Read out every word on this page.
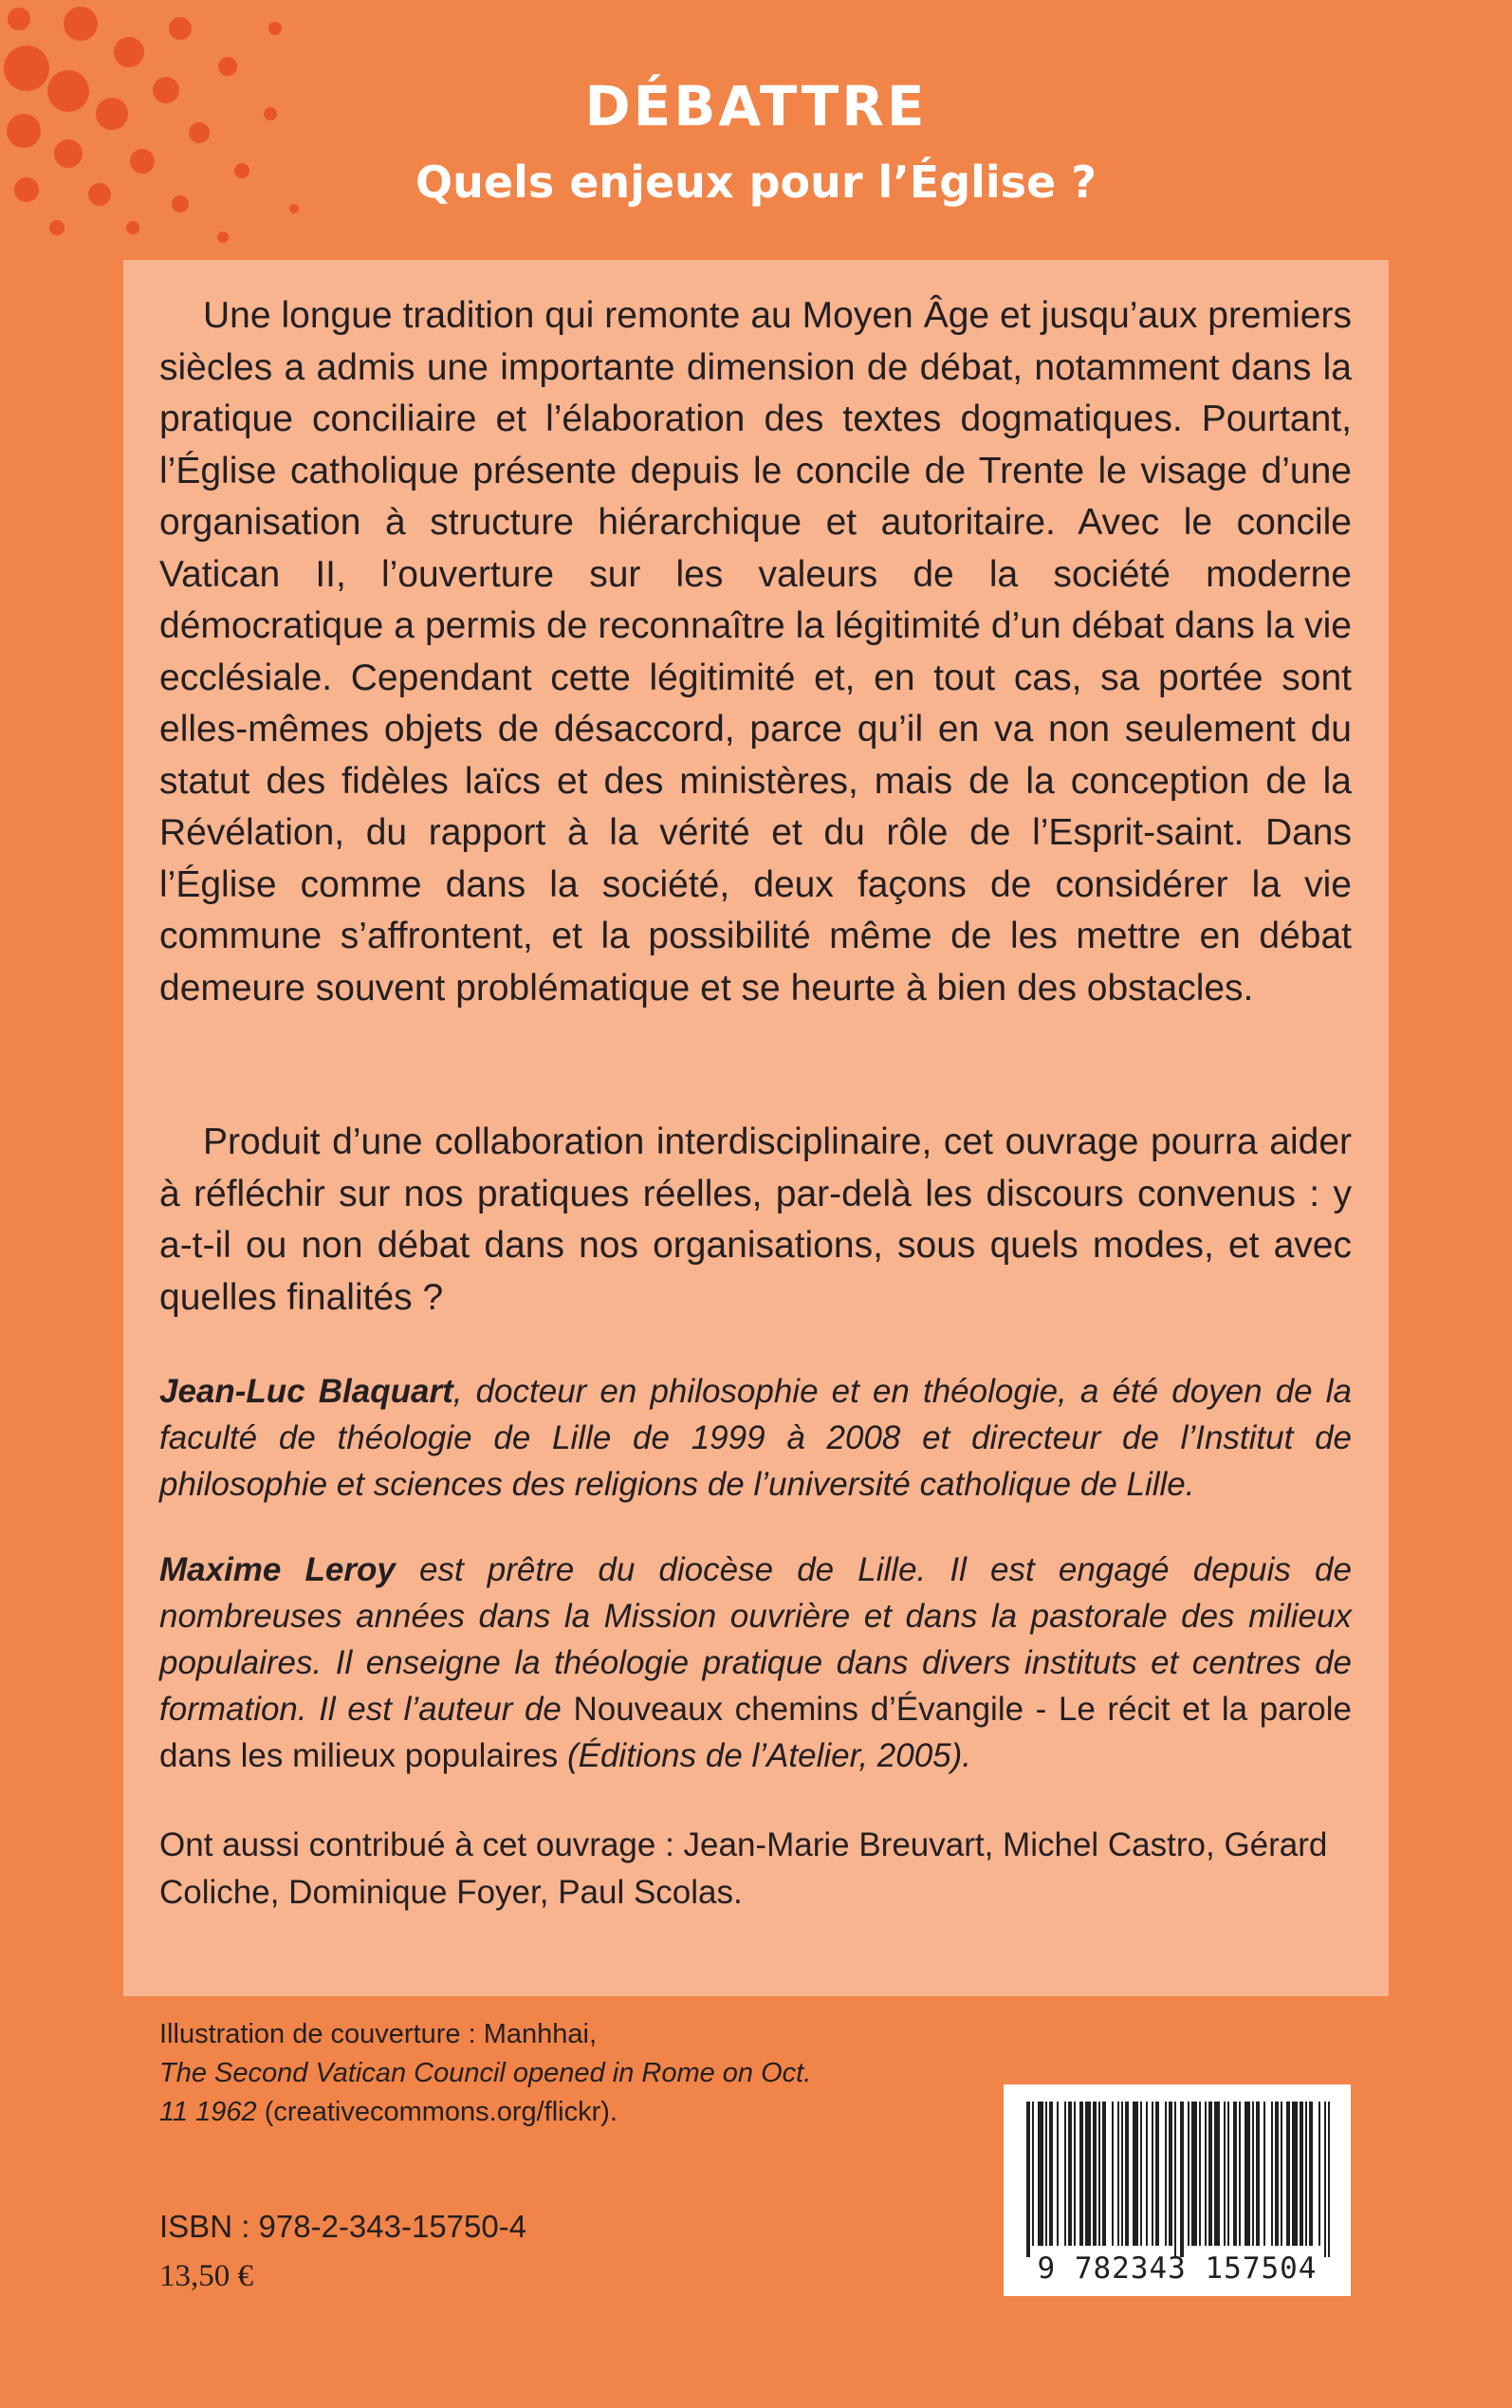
DÉBATTRE
Quels enjeux pour l’Église ?

Une longue tradition qui remonte au Moyen Âge et jusqu’aux premiers siècles a admis une importante dimension de débat, notamment dans la pratique conciliaire et l’élaboration des textes dogmatiques. Pourtant, l’Église catholique présente depuis le concile de Trente le visage d’une organisation à structure hiérarchique et autoritaire. Avec le concile Vatican II, l’ouverture sur les valeurs de la société moderne démocratique a permis de reconnaître la légitimité d’un débat dans la vie ecclésiale. Cependant cette légitimité et, en tout cas, sa portée sont elles-mêmes objets de désaccord, parce qu’il en va non seulement du statut des fidèles laïcs et des ministères, mais de la conception de la Révélation, du rapport à la vérité et du rôle de l’Esprit-saint. Dans l’Église comme dans la société, deux façons de considérer la vie commune s’affrontent, et la possibilité même de les mettre en débat demeure souvent problématique et se heurte à bien des obstacles.

Produit d’une collaboration interdisciplinaire, cet ouvrage pourra aider à réfléchir sur nos pratiques réelles, par-delà les discours convenus : y a-t-il ou non débat dans nos organisations, sous quels modes, et avec quelles finalités ?

Jean-Luc Blaquart, docteur en philosophie et en théologie, a été doyen de la faculté de théologie de Lille de 1999 à 2008 et directeur de l’Institut de philosophie et sciences des religions de l’université catholique de Lille.

Maxime Leroy est prêtre du diocèse de Lille. Il est engagé depuis de nombreuses années dans la Mission ouvrière et dans la pastorale des milieux populaires. Il enseigne la théologie pratique dans divers instituts et centres de formation. Il est l’auteur de Nouveaux chemins d’Évangile - Le récit et la parole dans les milieux populaires (Éditions de l’Atelier, 2005).

Ont aussi contribué à cet ouvrage : Jean-Marie Breuvart, Michel Castro, Gérard Coliche, Dominique Foyer, Paul Scolas.

Illustration de couverture : Manhhai,
The Second Vatican Council opened in Rome on Oct. 11 1962 (creativecommons.org/flickr).

ISBN : 978-2-343-15750-4

13,50 €	9 782343 157504
